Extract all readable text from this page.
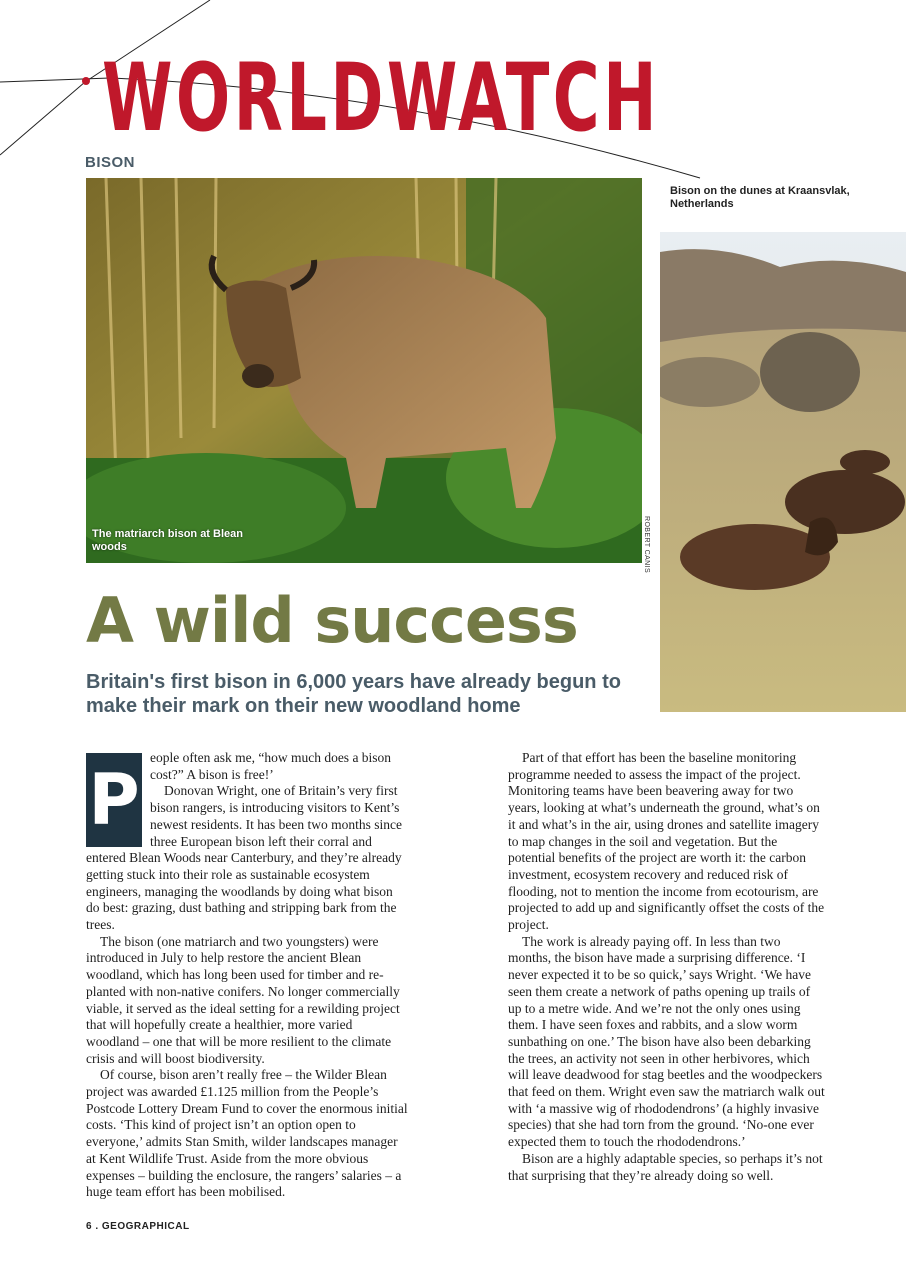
WORLDWATCH
BISON
The matriarch bison at Blean woods	ROBERT CANIS
Bison on the dunes at Kraansvlak, Netherlands
A wild success
Britain's first bison in 6,000 years have already begun to make their mark on their new woodland home
P

eople often ask me, “how much does a bison cost?” A bison is free!’

Donovan Wright, one of Britain’s very first bison rangers, is introducing visitors to Kent’s newest residents. It has been two months since three European bison left their corral and entered Blean Woods near Canterbury, and they’re already getting stuck into their role as sustainable ecosystem engineers, managing the woodlands by doing what bison do best: grazing, dust bathing and stripping bark from the trees.

The bison (one matriarch and two youngsters) were introduced in July to help restore the ancient Blean woodland, which has long been used for timber and re-planted with non-native conifers. No longer commercially viable, it served as the ideal setting for a rewilding project that will hopefully create a healthier, more varied woodland – one that will be more resilient to the climate crisis and will boost biodiversity.

Of course, bison aren’t really free – the Wilder Blean project was awarded £1.125 million from the People’s Postcode Lottery Dream Fund to cover the enormous initial costs. ‘This kind of project isn’t an option open to everyone,’ admits Stan Smith, wilder landscapes manager at Kent Wildlife Trust. Aside from the more obvious expenses – building the enclosure, the rangers’ salaries – a huge team effort has been mobilised.

Part of that effort has been the baseline monitoring programme needed to assess the impact of the project. Monitoring teams have been beavering away for two years, looking at what’s underneath the ground, what’s on it and what’s in the air, using drones and satellite imagery to map changes in the soil and vegetation. But the potential benefits of the project are worth it: the carbon investment, ecosystem recovery and reduced risk of flooding, not to mention the income from ecotourism, are projected to add up and significantly offset the costs of the project.

The work is already paying off. In less than two months, the bison have made a surprising difference. ‘I never expected it to be so quick,’ says Wright. ‘We have seen them create a network of paths opening up trails of up to a metre wide. And we’re not the only ones using them. I have seen foxes and rabbits, and a slow worm sunbathing on one.’ The bison have also been debarking the trees, an activity not seen in other herbivores, which will leave deadwood for stag beetles and the woodpeckers that feed on them. Wright even saw the matriarch walk out with ‘a massive wig of rhododendrons’ (a highly invasive species) that she had torn from the ground. ‘No-one ever expected them to touch the rhododendrons.’

Bison are a highly adaptable species, so perhaps it’s not that surprising that they’re already doing so well.

6 . GEOGRAPHICAL
